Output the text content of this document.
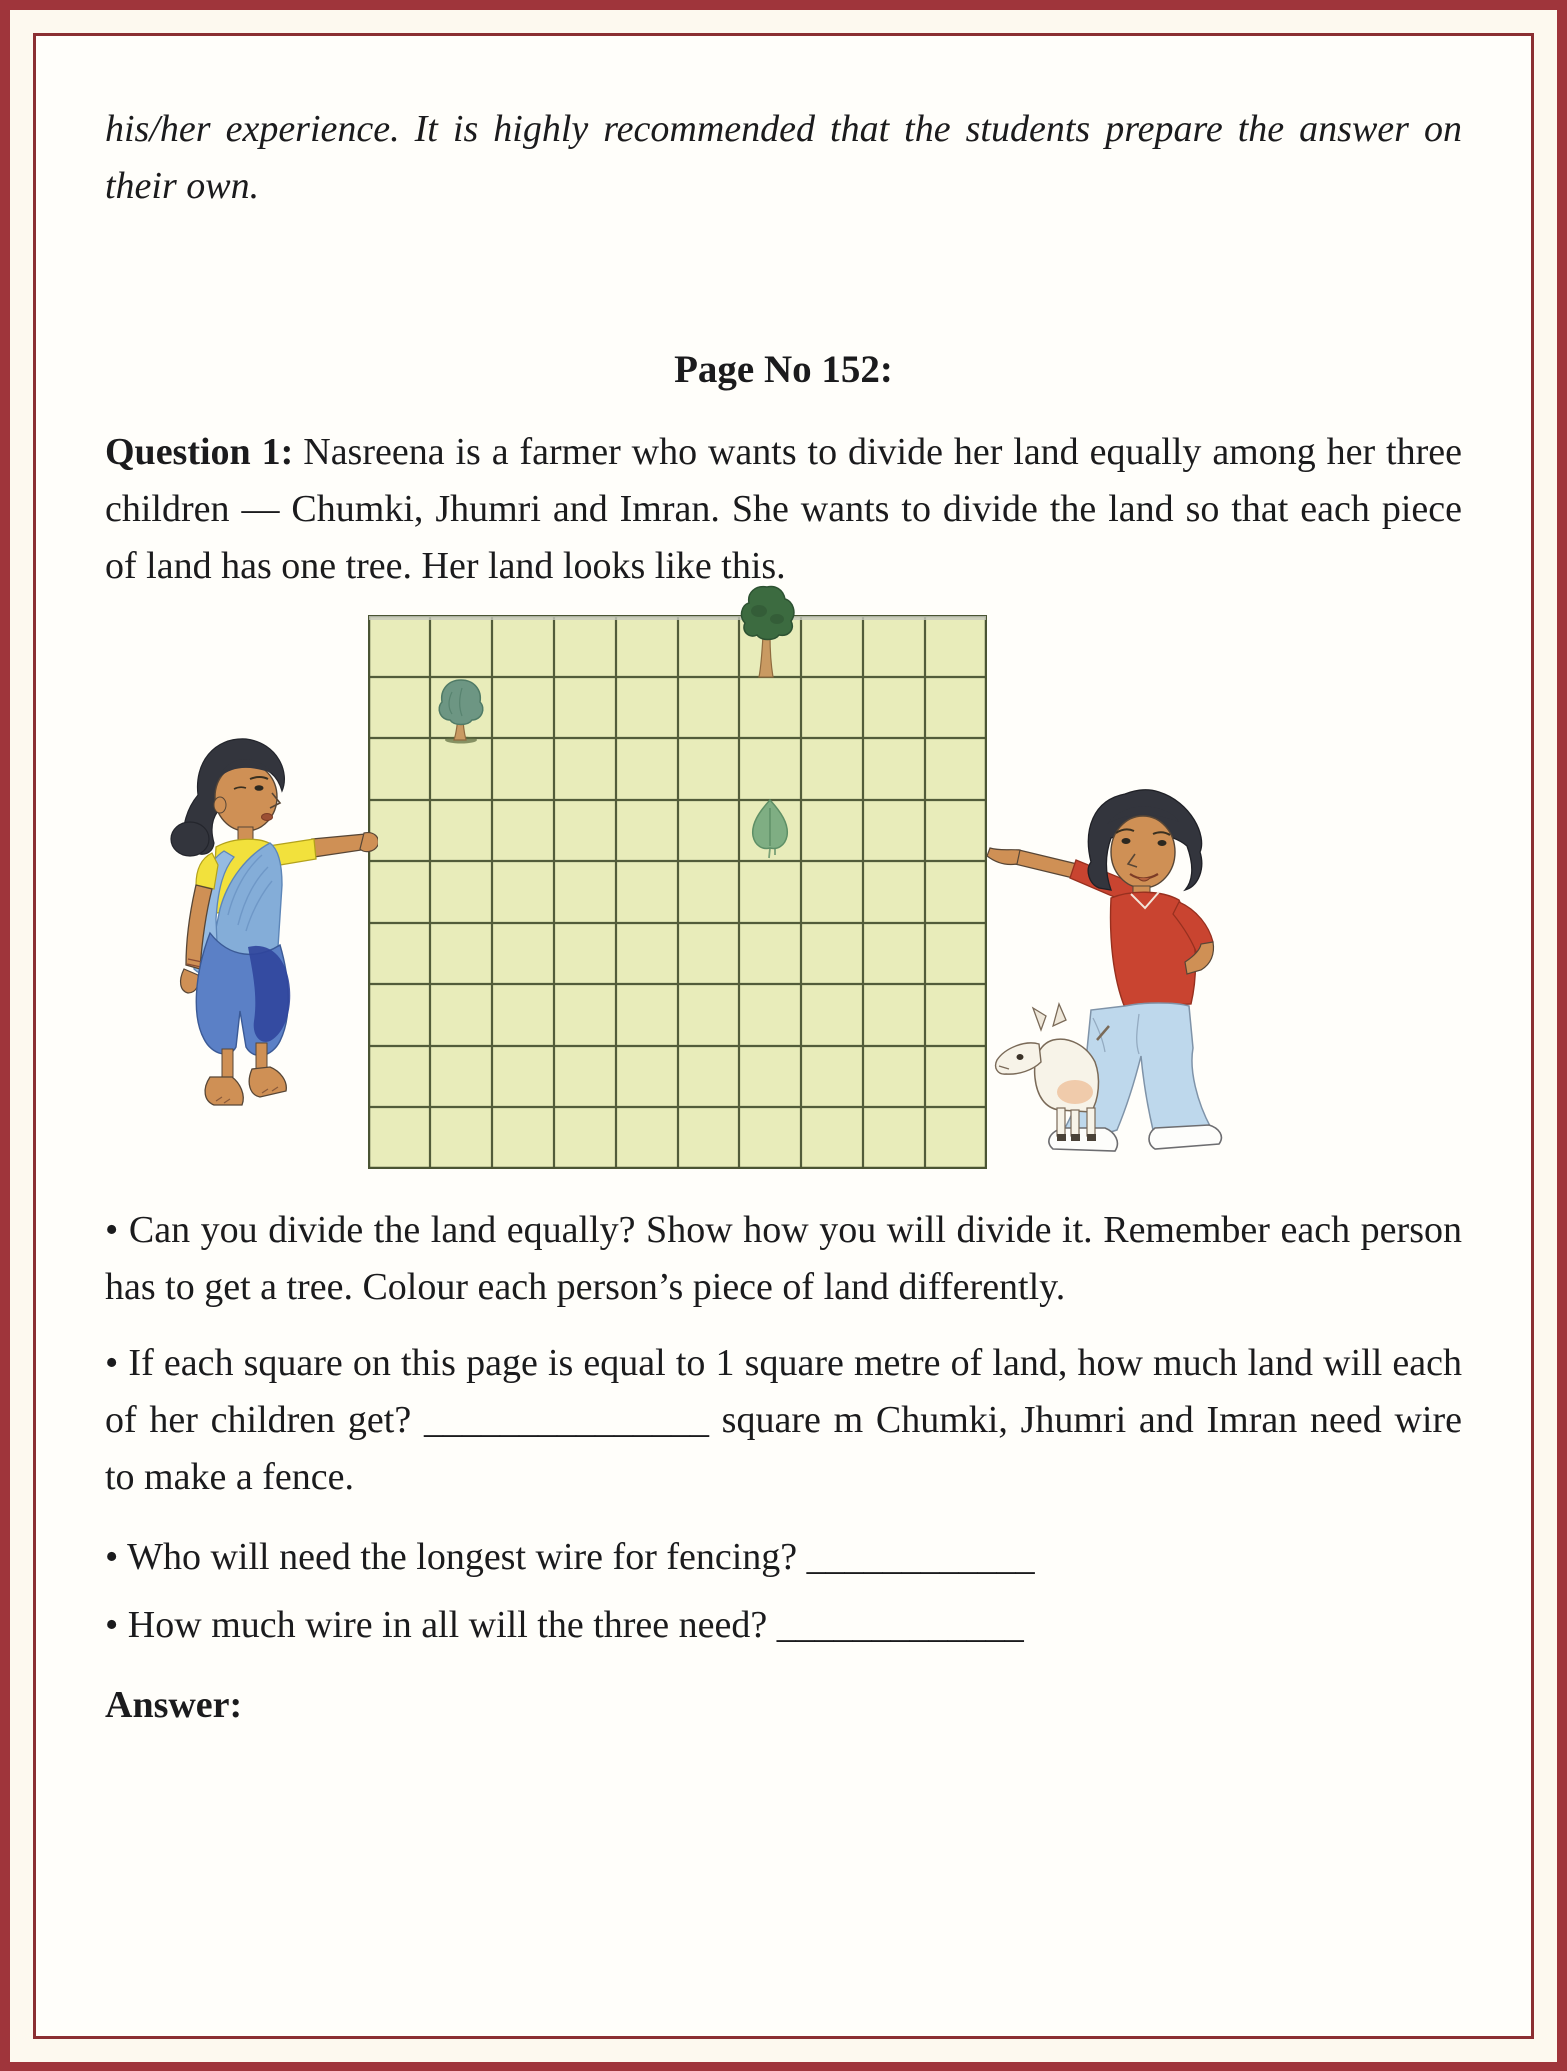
his/her experience. It is highly recommended that the students prepare the answer on their own.

Page No 152:

Question 1: Nasreena is a farmer who wants to divide her land equally among her three children — Chumki, Jhumri and Imran. She wants to divide the land so that each piece of land has one tree. Her land looks like this.

• Can you divide the land equally? Show how you will divide it. Remember each person has to get a tree. Colour each person’s piece of land differently.

• If each square on this page is equal to 1 square metre of land, how much land will each of her children get? _______________ square m Chumki, Jhumri and Imran need wire to make a fence.

• Who will need the longest wire for fencing? ____________

• How much wire in all will the three need? _____________

Answer:
